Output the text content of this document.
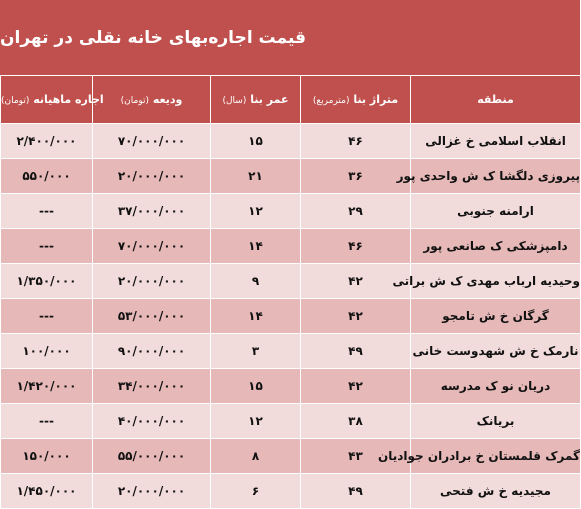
قیمت اجاره‌بهای خانه نقلی در تهران
اجاره ماهیانه (تومان)	ودیعه (تومان)	عمر بنا (سال)	متراژ بنا (مترمربع)	منطقه
۲/۴۰۰/۰۰۰	۷۰/۰۰۰/۰۰۰	۱۵	۴۶	انقلاب اسلامی خ غزالی
۵۵۰/۰۰۰	۲۰/۰۰۰/۰۰۰	۲۱	۳۶	پیروزی دلگشا ک ش واحدی پور
---	۳۷/۰۰۰/۰۰۰	۱۲	۲۹	ارامنه جنوبی
---	۷۰/۰۰۰/۰۰۰	۱۴	۴۶	دامپزشکی ک صانعی پور
۱/۳۵۰/۰۰۰	۲۰/۰۰۰/۰۰۰	۹	۴۲	وحیدیه ارباب مهدی ک ش براتی
---	۵۳/۰۰۰/۰۰۰	۱۴	۴۲	گرگان خ ش تامجو
۱۰۰/۰۰۰	۹۰/۰۰۰/۰۰۰	۳	۴۹	نارمک خ ش شهدوست خانی
۱/۴۲۰/۰۰۰	۳۴/۰۰۰/۰۰۰	۱۵	۴۲	دریان نو ک مدرسه
---	۴۰/۰۰۰/۰۰۰	۱۲	۳۸	بریانک
۱۵۰/۰۰۰	۵۵/۰۰۰/۰۰۰	۸	۴۳	گمرک قلمستان خ برادران جوادیان
۱/۴۵۰/۰۰۰	۲۰/۰۰۰/۰۰۰	۶	۴۹	مجیدیه خ ش فتحی
